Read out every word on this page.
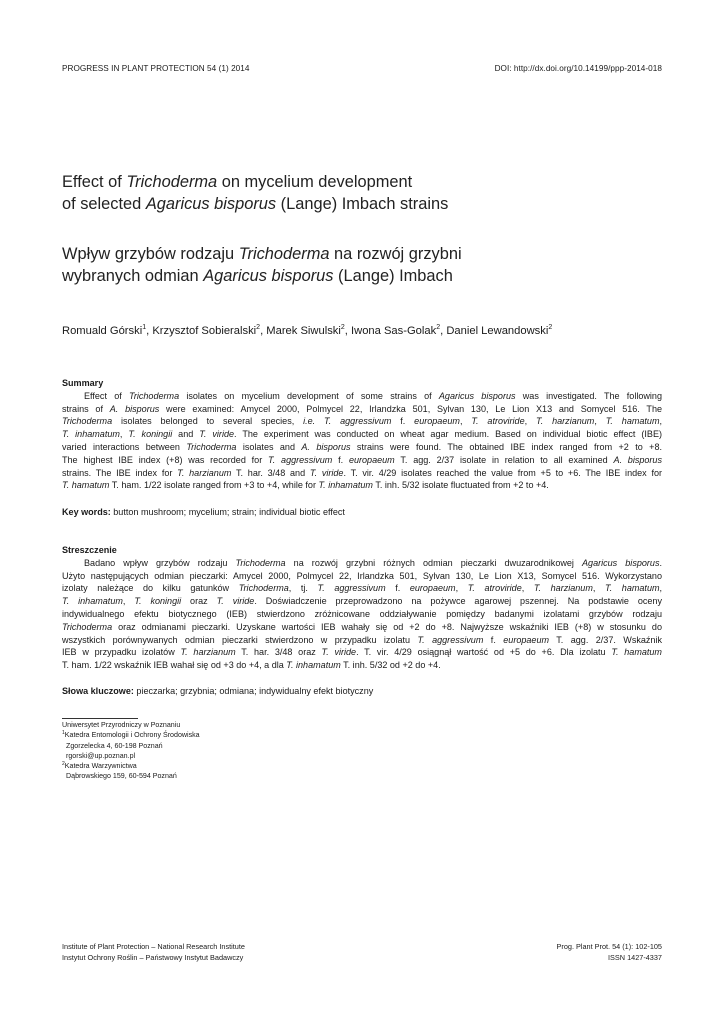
PROGRESS IN PLANT PROTECTION 54 (1) 2014	DOI: http://dx.doi.org/10.14199/ppp-2014-018
Effect of Trichoderma on mycelium development
of selected Agaricus bisporus (Lange) Imbach strains
Wpływ grzybów rodzaju Trichoderma na rozwój grzybni
wybranych odmian Agaricus bisporus (Lange) Imbach
Romuald Górski$^1$, Krzysztof Sobieralski$^2$, Marek Siwulski$^2$, Iwona Sas-Golak$^2$, Daniel Lewandowski$^2$
Summary
Effect of Trichoderma isolates on mycelium development of some strains of Agaricus bisporus was investigated. The following
strains of A. bisporus were examined: Amycel 2000, Polmycel 22, Irlandzka 501, Sylvan 130, Le Lion X13 and Somycel 516. The
Trichoderma isolates belonged to several species, i.e. T. aggressivum f. europaeum, T. atroviride, T. harzianum, T. hamatum,
T. inhamatum, T. koningii and T. viride. The experiment was conducted on wheat agar medium. Based on individual biotic effect (IBE)
varied interactions between Trichoderma isolates and A. bisporus strains were found. The obtained IBE index ranged from +2 to +8.
The highest IBE index (+8) was recorded for T. aggressivum f. europaeum T. agg. 2/37 isolate in relation to all examined A. bisporus
strains. The IBE index for T. harzianum T. har. 3/48 and T. viride. T. vir. 4/29 isolates reached the value from +5 to +6. The IBE index for
T. hamatum T. ham. 1/22 isolate ranged from +3 to +4, while for T. inhamatum T. inh. 5/32 isolate fluctuated from +2 to +4.
Key words: button mushroom; mycelium; strain; individual biotic effect
Streszczenie
Badano wpływ grzybów rodzaju Trichoderma na rozwój grzybni różnych odmian pieczarki dwuzarodnikowej Agaricus bisporus.
Użyto następujących odmian pieczarki: Amycel 2000, Polmycel 22, Irlandzka 501, Sylvan 130, Le Lion X13, Somycel 516. Wykorzystano
izolaty należące do kilku gatunków Trichoderma, tj. T. aggressivum f. europaeum, T. atroviride, T. harzianum, T. hamatum,
T. inhamatum, T. koningii oraz T. viride. Doświadczenie przeprowadzono na pożywce agarowej pszennej. Na podstawie oceny
indywidualnego efektu biotycznego (IEB) stwierdzono zróżnicowane oddziaływanie pomiędzy badanymi izolatami grzybów rodzaju
Trichoderma oraz odmianami pieczarki. Uzyskane wartości IEB wahały się od +2 do +8. Najwyższe wskaźniki IEB (+8) w stosunku do
wszystkich porównywanych odmian pieczarki stwierdzono w przypadku izolatu T. aggressivum f. europaeum T. agg. 2/37. Wskaźnik
IEB w przypadku izolatów T. harzianum T. har. 3/48 oraz T. viride. T. vir. 4/29 osiągnął wartość od +5 do +6. Dla izolatu T. hamatum
T. ham. 1/22 wskaźnik IEB wahał się od +3 do +4, a dla T. inhamatum T. inh. 5/32 od +2 do +4.
Słowa kluczowe: pieczarka; grzybnia; odmiana; indywidualny efekt biotyczny
Uniwersytet Przyrodniczy w Poznaniu
$^1$Katedra Entomologii i Ochrony Środowiska
Zgorzelecka 4, 60-198 Poznań
rgorski@up.poznan.pl
$^2$Katedra Warzywnictwa
Dąbrowskiego 159, 60-594 Poznań
Institute of Plant Protection – National Research Institute
Instytut Ochrony Roślin – Państwowy Instytut Badawczy
Prog. Plant Prot. 54 (1): 102-105
ISSN 1427-4337
